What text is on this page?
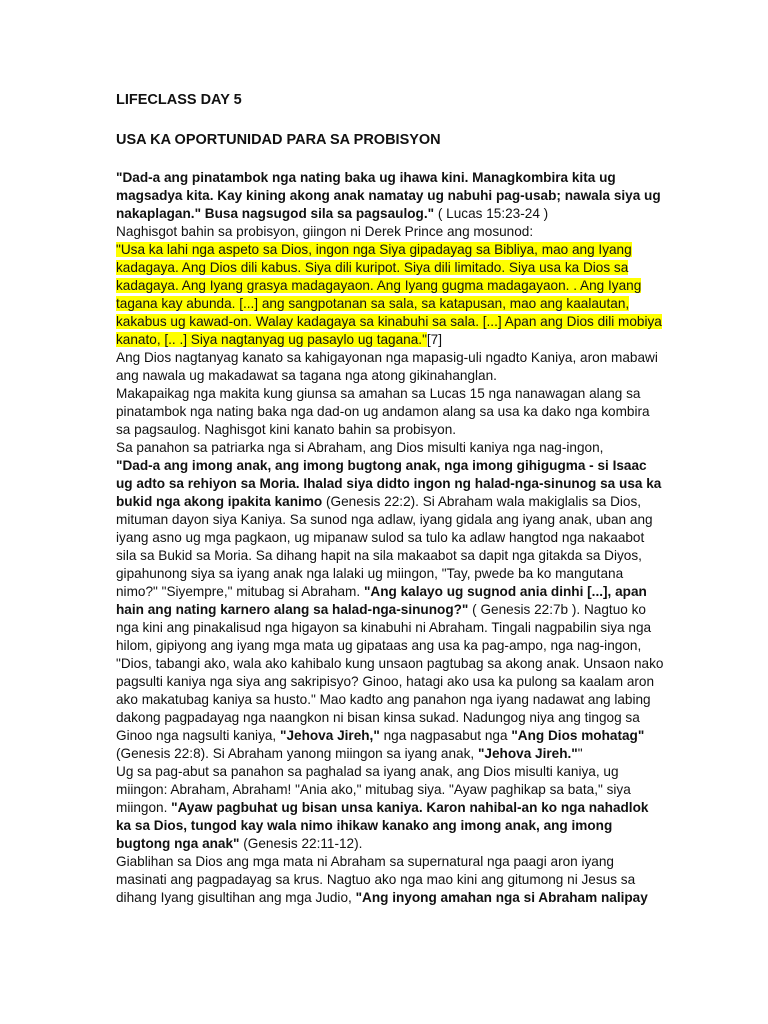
LIFECLASS DAY 5
USA KA OPORTUNIDAD PARA SA PROBISYON

"Dad-a ang pinatambok nga nating baka ug ihawa kini. Managkombira kita ug magsadya kita. Kay kining akong anak namatay ug nabuhi pag-usab; nawala siya ug nakaplagan." Busa nagsugod sila sa pagsaulog." ( Lucas 15:23-24 )

Naghisgot bahin sa probisyon, giingon ni Derek Prince ang mosunod:

"Usa ka lahi nga aspeto sa Dios, ingon nga Siya gipadayag sa Bibliya, mao ang Iyang kadagaya. Ang Dios dili kabus. Siya dili kuripot. Siya dili limitado. Siya usa ka Dios sa kadagaya. Ang Iyang grasya madagayaon. Ang Iyang gugma madagayaon. . Ang Iyang tagana kay abunda. [...] ang sangpotanan sa sala, sa katapusan, mao ang kaalautan, kakabus ug kawad-on. Walay kadagaya sa kinabuhi sa sala. [...] Apan ang Dios dili mobiya kanato, [.. .] Siya nagtanyag ug pasaylo ug tagana."[7]

Ang Dios nagtanyag kanato sa kahigayonan nga mapasig-uli ngadto Kaniya, aron mabawi ang nawala ug makadawat sa tagana nga atong gikinahanglan.

Makapaikag nga makita kung giunsa sa amahan sa Lucas 15 nga nanawagan alang sa pinatambok nga nating baka nga dad-on ug andamon alang sa usa ka dako nga kombira sa pagsaulog. Naghisgot kini kanato bahin sa probisyon.

Sa panahon sa patriarka nga si Abraham, ang Dios misulti kaniya nga nag-ingon,

"Dad-a ang imong anak, ang imong bugtong anak, nga imong gihigugma - si Isaac ug adto sa rehiyon sa Moria. Ihalad siya didto ingon ng halad-nga-sinunog sa usa ka bukid nga akong ipakita kanimo (Genesis 22:2). Si Abraham wala makiglalis sa Dios, mituman dayon siya Kaniya. Sa sunod nga adlaw, iyang gidala ang iyang anak, uban ang iyang asno ug mga pagkaon, ug mipanaw sulod sa tulo ka adlaw hangtod nga nakaabot sila sa Bukid sa Moria. Sa dihang hapit na sila makaabot sa dapit nga gitakda sa Diyos, gipahunong siya sa iyang anak nga lalaki ug miingon, "Tay, pwede ba ko mangutana nimo?" "Siyempre," mitubag si Abraham. "Ang kalayo ug sugnod ania dinhi [...], apan hain ang nating karnero alang sa halad-nga-sinunog?" ( Genesis 22:7b ). Nagtuo ko nga kini ang pinakalisud nga higayon sa kinabuhi ni Abraham. Tingali nagpabilin siya nga hilom, gipiyong ang iyang mga mata ug gipataas ang usa ka pag-ampo, nga nag-ingon, "Dios, tabangi ako, wala ako kahibalo kung unsaon pagtubag sa akong anak. Unsaon nako pagsulti kaniya nga siya ang sakripisyo? Ginoo, hatagi ako usa ka pulong sa kaalam aron ako makatubag kaniya sa husto." Mao kadto ang panahon nga iyang nadawat ang labing dakong pagpadayag nga naangkon ni bisan kinsa sukad. Nadungog niya ang tingog sa Ginoo nga nagsulti kaniya, "Jehova Jireh," nga nagpasabut nga "Ang Dios mohatag" (Genesis 22:8). Si Abraham yanong miingon sa iyang anak, "Jehova Jireh.""

Ug sa pag-abut sa panahon sa paghalad sa iyang anak, ang Dios misulti kaniya, ug miingon: Abraham, Abraham! "Ania ako," mitubag siya. "Ayaw paghikap sa bata," siya miingon. "Ayaw pagbuhat ug bisan unsa kaniya. Karon nahibal-an ko nga nahadlok ka sa Dios, tungod kay wala nimo ihikaw kanako ang imong anak, ang imong bugtong nga anak" (Genesis 22:11-12).

Giablihan sa Dios ang mga mata ni Abraham sa supernatural nga paagi aron iyang masinati ang pagpadayag sa krus. Nagtuo ako nga mao kini ang gitumong ni Jesus sa dihang Iyang gisultihan ang mga Judio, "Ang inyong amahan nga si Abraham nalipay
